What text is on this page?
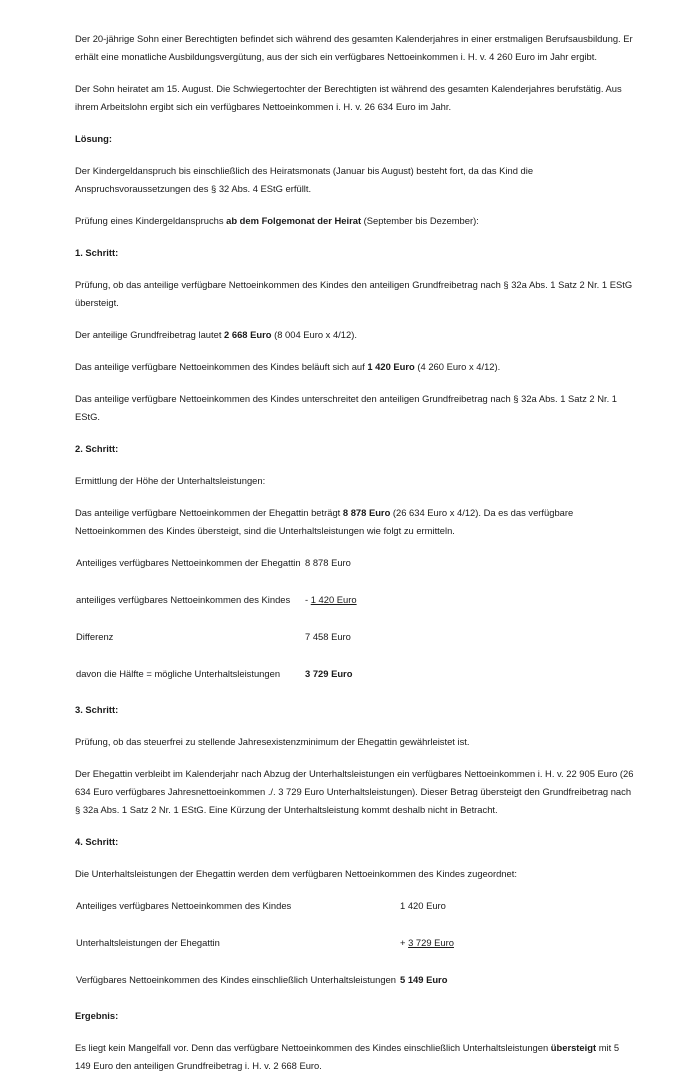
Der 20-jährige Sohn einer Berechtigten befindet sich während des gesamten Kalenderjahres in einer erstmaligen Berufsausbildung. Er erhält eine monatliche Ausbildungsvergütung, aus der sich ein verfügbares Nettoeinkommen i. H. v. 4 260 Euro im Jahr ergibt.

Der Sohn heiratet am 15. August. Die Schwiegertochter der Berechtigten ist während des gesamten Kalenderjahres berufstätig. Aus ihrem Arbeitslohn ergibt sich ein verfügbares Nettoeinkommen i. H. v. 26 634 Euro im Jahr.

Lösung:

Der Kindergeldanspruch bis einschließlich des Heiratsmonats (Januar bis August) besteht fort, da das Kind die Anspruchsvoraussetzungen des § 32 Abs. 4 EStG erfüllt.

Prüfung eines Kindergeldanspruchs ab dem Folgemonat der Heirat (September bis Dezember):

1. Schritt:

Prüfung, ob das anteilige verfügbare Nettoeinkommen des Kindes den anteiligen Grundfreibetrag nach § 32a Abs. 1 Satz 2 Nr. 1 EStG übersteigt.

Der anteilige Grundfreibetrag lautet 2 668 Euro (8 004 Euro x 4/12).

Das anteilige verfügbare Nettoeinkommen des Kindes beläuft sich auf 1 420 Euro (4 260 Euro x 4/12).

Das anteilige verfügbare Nettoeinkommen des Kindes unterschreitet den anteiligen Grundfreibetrag nach § 32a Abs. 1 Satz 2 Nr. 1 EStG.

2. Schritt:

Ermittlung der Höhe der Unterhaltsleistungen:

Das anteilige verfügbare Nettoeinkommen der Ehegattin beträgt 8 878 Euro (26 634 Euro x 4/12). Da es das verfügbare Nettoeinkommen des Kindes übersteigt, sind die Unterhaltsleistungen wie folgt zu ermitteln.

Anteiliges verfügbares Nettoeinkommen der Ehegattin 8 878 Euro
anteiliges verfügbares Nettoeinkommen des Kindes - 1 420 Euro
Differenz	7 458 Euro
davon die Hälfte = mögliche Unterhaltsleistungen	3 729 Euro

3. Schritt:

Prüfung, ob das steuerfrei zu stellende Jahresexistenzminimum der Ehegattin gewährleistet ist.

Der Ehegattin verbleibt im Kalenderjahr nach Abzug der Unterhaltsleistungen ein verfügbares Nettoeinkommen i. H. v. 22 905 Euro (26 634 Euro verfügbares Jahresnettoeinkommen ./. 3 729 Euro Unterhaltsleistungen). Dieser Betrag übersteigt den Grundfreibetrag nach § 32a Abs. 1 Satz 2 Nr. 1 EStG. Eine Kürzung der Unterhaltsleistung kommt deshalb nicht in Betracht.

4. Schritt:

Die Unterhaltsleistungen der Ehegattin werden dem verfügbaren Nettoeinkommen des Kindes zugeordnet:

Anteiliges verfügbares Nettoeinkommen des Kindes	1 420 Euro
Unterhaltsleistungen der Ehegattin	+ 3 729 Euro
Verfügbares Nettoeinkommen des Kindes einschließlich Unterhaltsleistungen 5 149 Euro

Ergebnis:

Es liegt kein Mangelfall vor. Denn das verfügbare Nettoeinkommen des Kindes einschließlich Unterhaltsleistungen übersteigt mit 5 149 Euro den anteiligen Grundfreibetrag i. H. v. 2 668 Euro.
